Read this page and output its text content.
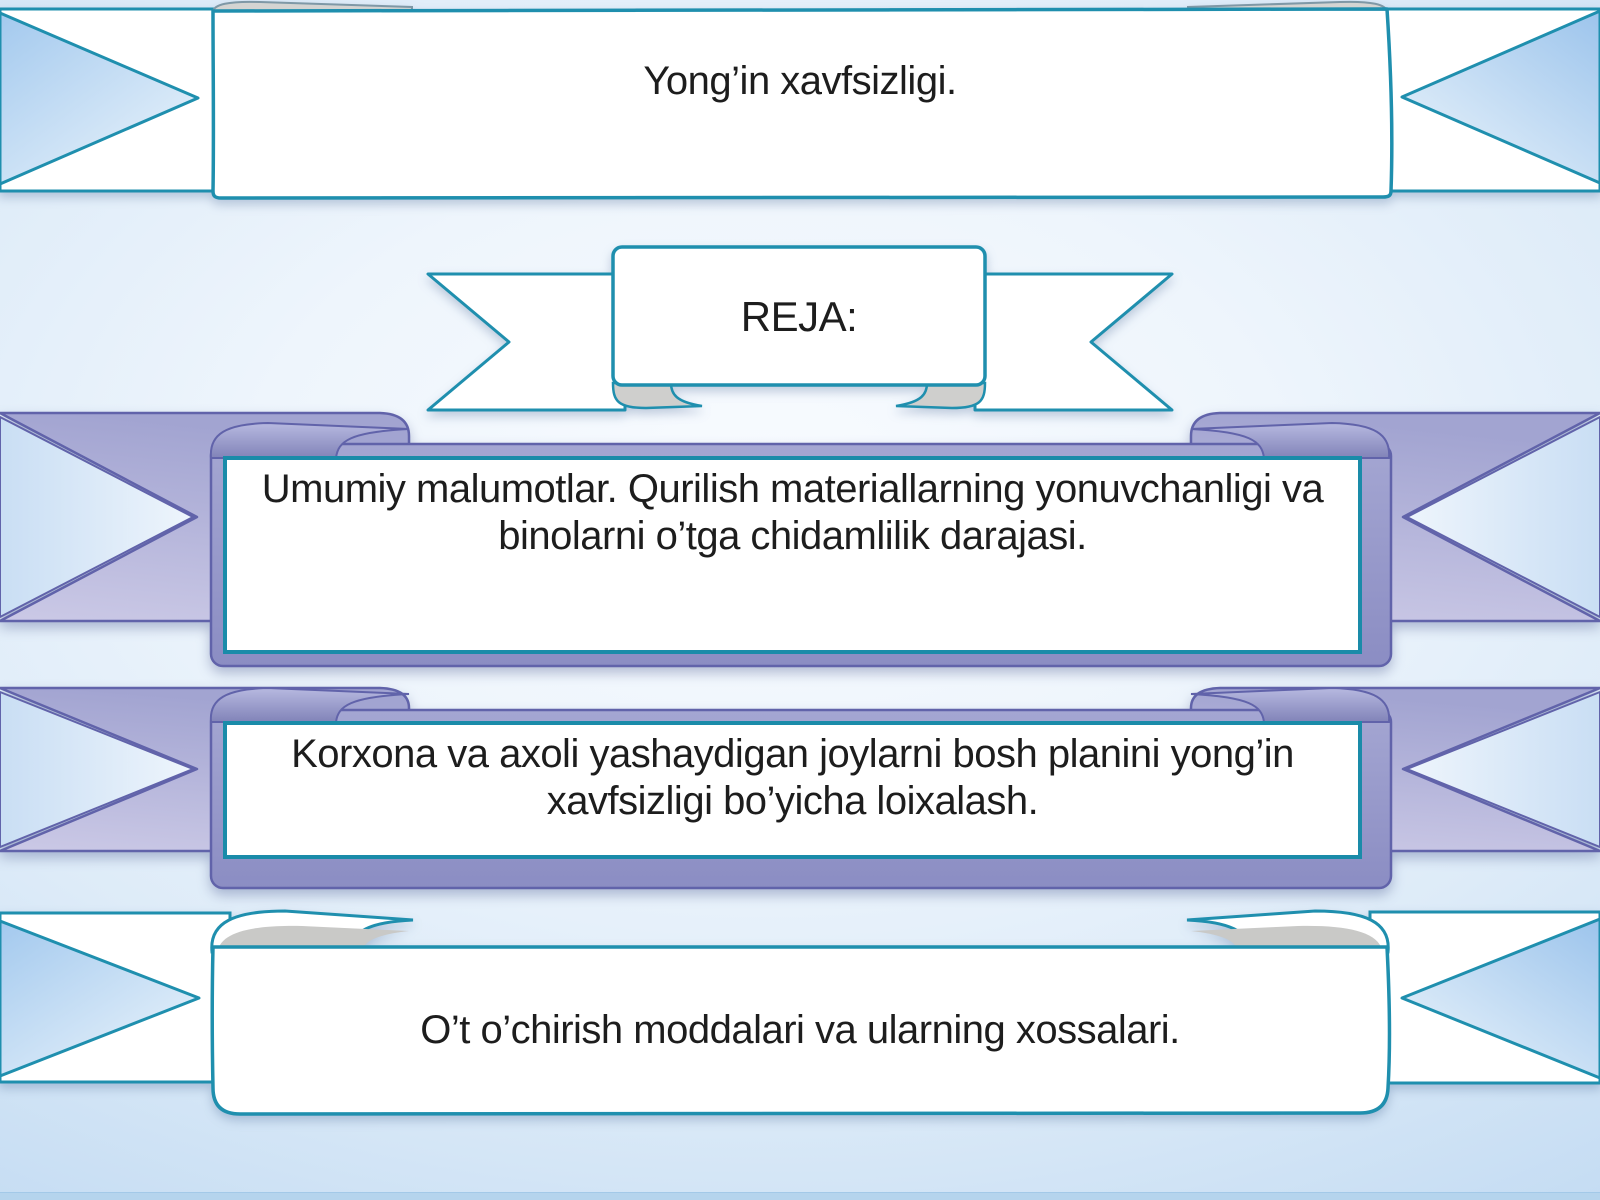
Yong’in xavfsizligi.
REJA:
Umumiy malumotlar. Qurilish materiallarning yonuvchanligi va binolarni o’tga chidamlilik darajasi.
Korxona va axoli yashaydigan joylarni bosh planini yong’in xavfsizligi bo’yicha loixalash.
O’t o’chirish moddalari va ularning xossalari.
